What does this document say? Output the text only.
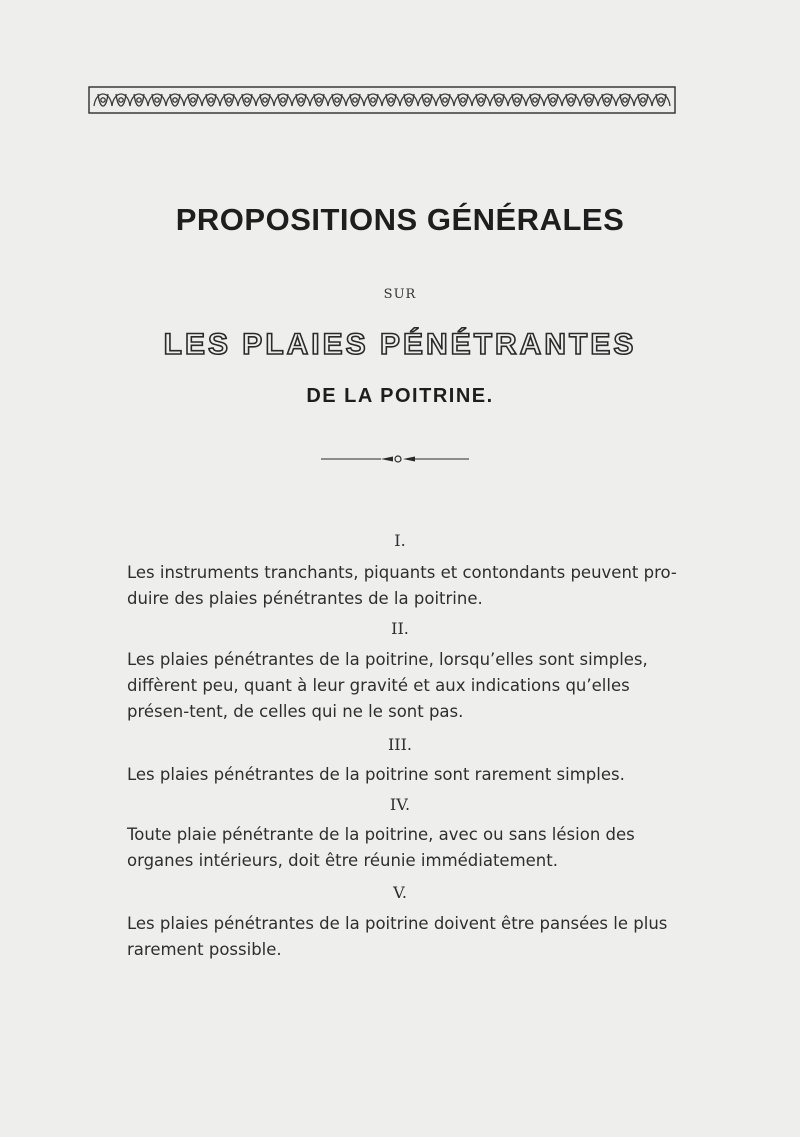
PROPOSITIONS GÉNÉRALES
SUR
LES PLAIES PÉNÉTRANTES
DE LA POITRINE.
I.
Les instruments tranchants, piquants et contondants peuvent pro-duire des plaies pénétrantes de la poitrine.
II.
Les plaies pénétrantes de la poitrine, lorsqu’elles sont simples, diffèrent peu, quant à leur gravité et aux indications qu’elles présen-tent, de celles qui ne le sont pas.
III.
Les plaies pénétrantes de la poitrine sont rarement simples.
IV.
Toute plaie pénétrante de la poitrine, avec ou sans lésion des organes intérieurs, doit être réunie immédiatement.
V.
Les plaies pénétrantes de la poitrine doivent être pansées le plus rarement possible.
